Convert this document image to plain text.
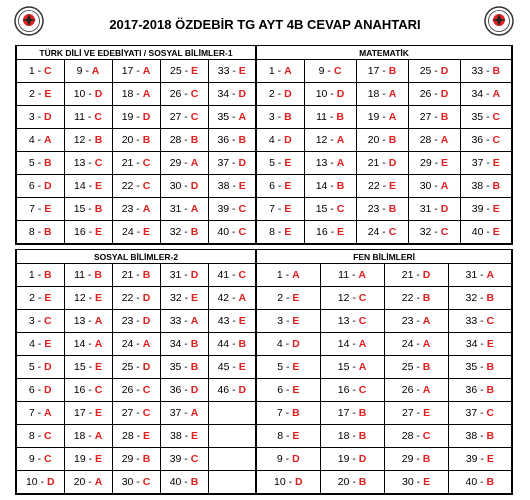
2017-2018 ÖZDEBİR TG AYT 4B CEVAP ANAHTARI
TÜRK DİLİ VE EDEBİYATI / SOSYAL BİLİMLER-1					MATEMATİK				
1 - C	9 - A	17 - A	25 - E	33 - E	1 - A	9 - C	17 - B	25 - D	33 - B
2 - E	10 - D	18 - A	26 - C	34 - D	2 - D	10 - D	18 - A	26 - D	34 - A
3 - D	11 - C	19 - D	27 - C	35 - A	3 - B	11 - B	19 - A	27 - B	35 - C
4 - A	12 - B	20 - B	28 - B	36 - B	4 - D	12 - A	20 - B	28 - A	36 - C
5 - B	13 - C	21 - C	29 - A	37 - D	5 - E	13 - A	21 - D	29 - E	37 - E
6 - D	14 - E	22 - C	30 - D	38 - E	6 - E	14 - B	22 - E	30 - A	38 - B
7 - E	15 - B	23 - A	31 - A	39 - C	7 - E	15 - C	23 - B	31 - D	39 - E
8 - B	16 - E	24 - E	32 - B	40 - C	8 - E	16 - E	24 - C	32 - C	40 - E
SOSYAL BİLİMLER-2					FEN BİLİMLERİ			
1 - B	11 - B	21 - B	31 - D	41 - C	1 - A	11 - A	21 - D	31 - A
2 - E	12 - E	22 - D	32 - E	42 - A	2 - E	12 - C	22 - B	32 - B
3 - C	13 - A	23 - D	33 - A	43 - E	3 - E	13 - C	23 - A	33 - C
4 - E	14 - A	24 - A	34 - B	44 - B	4 - D	14 - A	24 - A	34 - E
5 - D	15 - E	25 - D	35 - B	45 - E	5 - E	15 - A	25 - B	35 - B
6 - D	16 - C	26 - C	36 - D	46 - D	6 - E	16 - C	26 - A	36 - B
7 - A	17 - E	27 - C	37 - A		7 - B	17 - B	27 - E	37 - C
8 - C	18 - A	28 - E	38 - E		8 - E	18 - B	28 - C	38 - B
9 - C	19 - E	29 - B	39 - C		9 - D	19 - D	29 - B	39 - E
10 - D	20 - A	30 - C	40 - B		10 - D	20 - B	30 - E	40 - B
